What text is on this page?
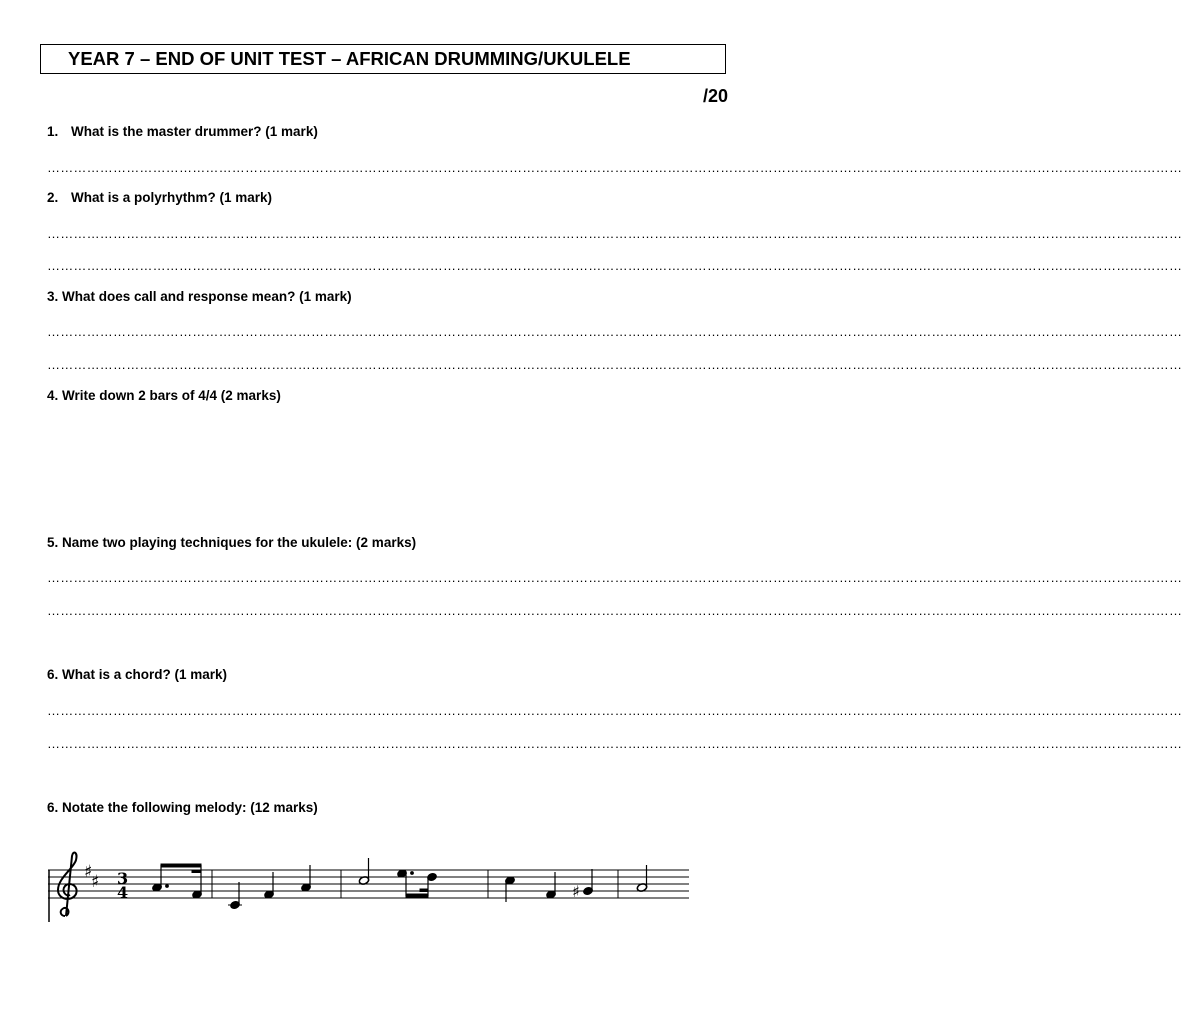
YEAR 7 – END OF UNIT TEST – AFRICAN DRUMMING/UKULELE
/20
1. What is the master drummer? (1 mark)
……………………………………………………………………………………………………………………………………………………………………………………………………………………………………
2. What is a polyrhythm? (1 mark)
……………………………………………………………………………………………………………………………………………………………………………………………………………………………………
……………………………………………………………………………………………………………………………………………………………………………………………………………………………………
3. What does call and response mean? (1 mark)
……………………………………………………………………………………………………………………………………………………………………………………………………………………………………
……………………………………………………………………………………………………………………………………………………………………………………………………………………………………
4. Write down 2 bars of 4/4 (2 marks)
5. Name two playing techniques for the ukulele: (2 marks)
……………………………………………………………………………………………………………………………………………………………………………………………………………………………………
……………………………………………………………………………………………………………………………………………………………………………………………………………………………………
6. What is a chord? (1 mark)
……………………………………………………………………………………………………………………………………………………………………………………………………………………………………
……………………………………………………………………………………………………………………………………………………………………………………………………………………………………
6. Notate the following melody: (12 marks)
♯
♯ 3
4	♯
